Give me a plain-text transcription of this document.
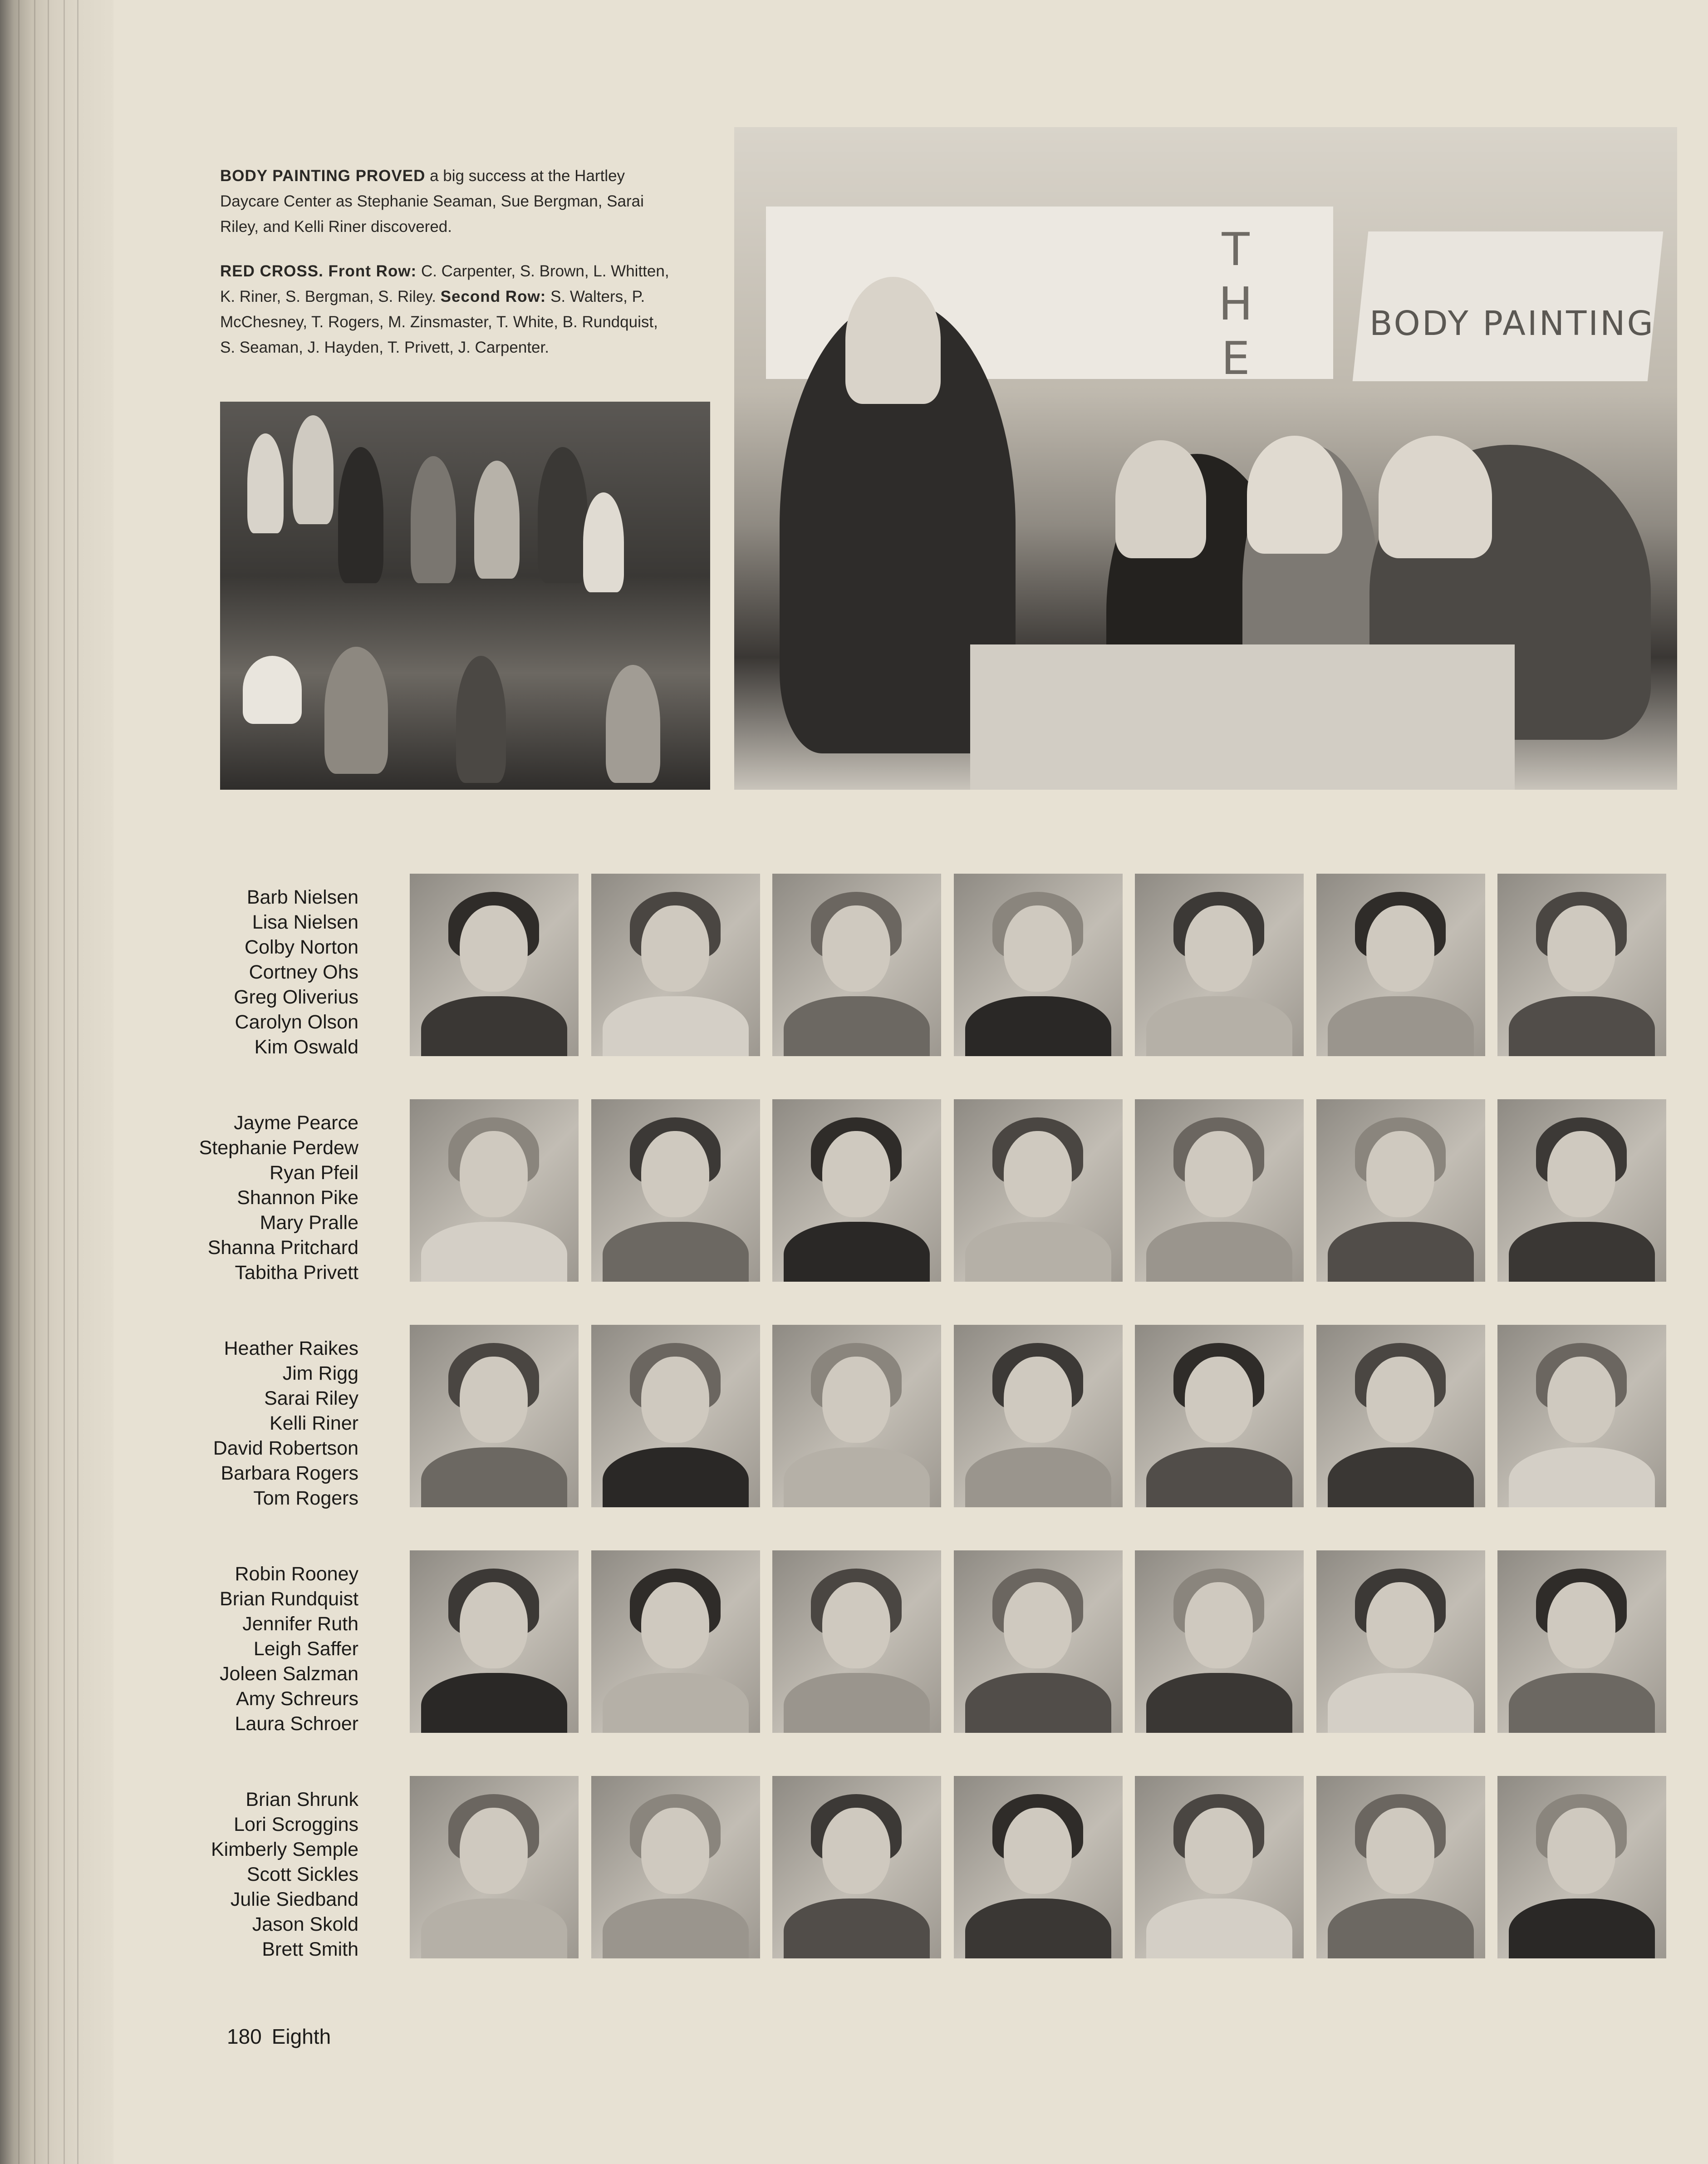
BODY PAINTING PROVED a big success at the Hartley Daycare Center as Stephanie Seaman, Sue Bergman, Sarai Riley, and Kelli Riner discovered.

RED CROSS. Front Row: C. Carpenter, S. Brown, L. Whitten, K. Riner, S. Bergman, S. Riley. Second Row: S. Walters, P. McChesney, T. Rogers, M. Zinsmaster, T. White, B. Rundquist, S. Seaman, J. Hayden, T. Privett, J. Carpenter.

T
H
E
BODY PAINTING
Barb Nielsen
Lisa Nielsen
Colby Norton
Cortney Ohs
Greg Oliverius
Carolyn Olson
Kim Oswald
Jayme Pearce
Stephanie Perdew
Ryan Pfeil
Shannon Pike
Mary Pralle
Shanna Pritchard
Tabitha Privett
Heather Raikes
Jim Rigg
Sarai Riley
Kelli Riner
David Robertson
Barbara Rogers
Tom Rogers
Robin Rooney
Brian Rundquist
Jennifer Ruth
Leigh Saffer
Joleen Salzman
Amy Schreurs
Laura Schroer
Brian Shrunk
Lori Scroggins
Kimberly Semple
Scott Sickles
Julie Siedband
Jason Skold
Brett Smith
180 Eighth
